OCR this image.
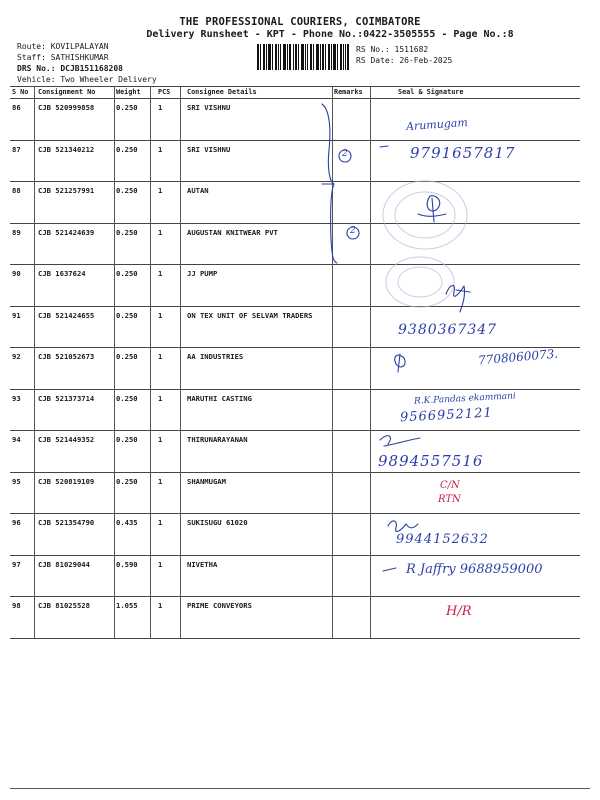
THE PROFESSIONAL COURIERS, COIMBATORE
Delivery Runsheet - KPT - Phone No.:0422-3505555 - Page No.:8
Route: KOVILPALAYAN
Staff: SATHISHKUMAR
DRS No.: DCJB151168208
Vehicle: Two Wheeler Delivery
RS No.: 1511682
RS Date: 26-Feb-2025
S No Consignment No	Weight	PCS Consignee Details	Remarks	Seal & Signature
86 CJB 520999858	0.250	1	SRI VISHNU
87 CJB 521340212	0.250	1	SRI VISHNU
88 CJB 521257991	0.250	1	AUTAN
89 CJB 521424639	0.250	1	AUGUSTAN KNITWEAR PVT
90 CJB 1637624	0.250	1	JJ PUMP
91 CJB 521424655	0.250	1	ON TEX UNIT OF SELVAM TRADERS
92 CJB 521052673	0.250	1	AA INDUSTRIES
93 CJB 521373714	0.250	1	MARUTHI CASTING
94 CJB 521449352	0.250	1	THIRUNARAYANAN
95 CJB 520819109	0.250	1	SHANMUGAM
96 CJB 521354790	0.435	1	SUKISUGU 61020
97 CJB 81029044	0.590	1	NIVETHA
98 CJB 81025528	1.055	1	PRIME CONVEYORS
2
2
Arumugam
9791657817
9380367347
7708060073.
R.K.Pandas ekammani
9566952121
9894557516
C/N
RTN
9944152632
R Jaffry 9688959000
H/R
